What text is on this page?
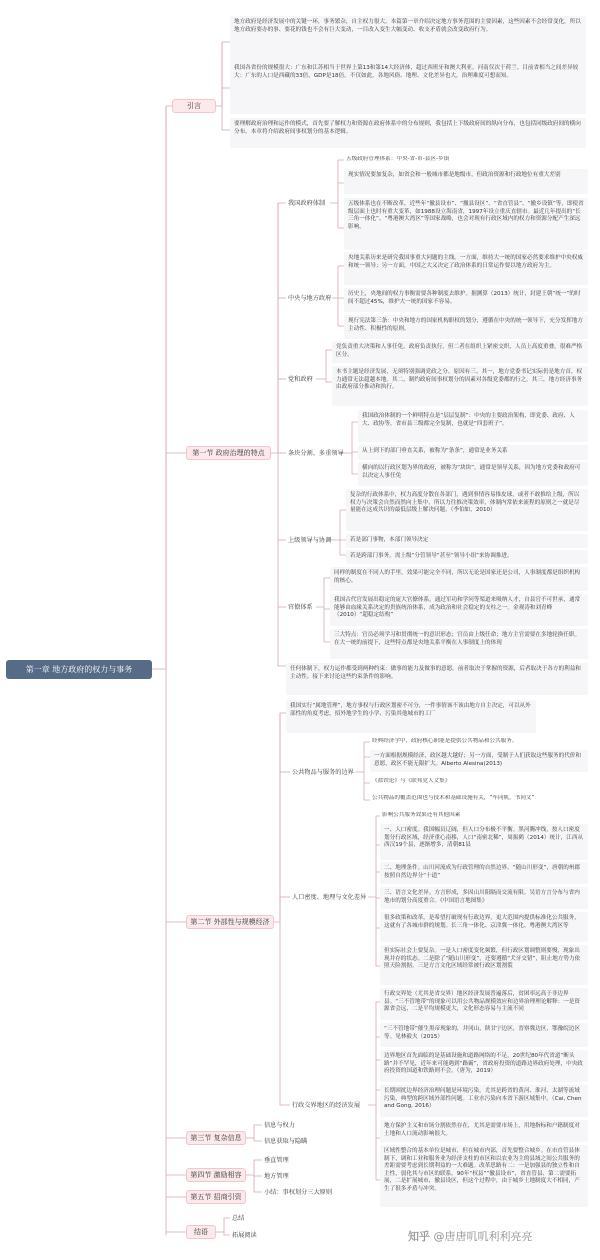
第一章 地方政府的权力与事务
引言
第一节 政府治理的特点
第二节 外部性与规模经济
第三节 复杂信息
第四节 激励相容
第五节 招商引资
结语
地方政府是经济发展中的关键一环，事务繁杂，自主权力很大。本篇第一章介绍决定地方事务范围的主要因素，这些因素不会经常变化，所以地方政府要办的事、要花的钱也不会有巨大变动，一目改入变生大幅变动、收支矛盾就会改变政府行为。
我国各省份的规模很大：广东和江苏相当于世界上第13和第14大经济体，超过西班牙和澳大利亚。河南仅次于荷兰。目前省相当之间差异较大：广东的人口是西藏的33倍，GDP是18倍。不仅如此，各地风俗、地理、文化差异也大，治理难度可想而知。
要理解政府治理和运作的模式，首先要了解权力和资源在政府体系中的分布规则，我包括上下级政府间的纵向分布，也包括同级政府间的横向分布。本章将介绍政府间事权划分的基本逻辑。
我国政府体制
中央与地方政府
党和政府
条块分割、多重领导
上级领导与协调
官僚体系
五级政府管理体系：中央-省-市-县区-乡镇
现实情况要加复杂，如省会和一般城市都是地级市，但政治资源和行政地位有重大差别
五级体系也在不断改革，近些年“撤县设市”、“撤县设区”、“省直管县”、“撤乡设镇”等，即使省级层面上也时有重大变革，如1988设立海南省，1997年设立重庆直辖市。最近几年提出的“长三角一体化”、“粤港澳大湾区”等国家战略，也会对现有行政区域内的权力和资源分配产生深远影响。
央地关系历来是研究我国事重大问题的主线。一方面，维持大一统的国家必然要求维护中央权威和统一领导；另一方面，中国之大又决定了政治体系的日常运作要以地方政府为主。
历史上，央地间的权力事衡需要各种制度去维护。据测算（2013）统计，封建王朝“统一”的时间不超过45%，维护大一统的国家不容易。
现行宪法第三条：中央和地方的国家机构职权的划分，遵循在中央的统一领导下，充分发挥地方主动性、积极性的原则。
党负责重大决策和人事任免，政府负责执行，但二者在组织上紧密交织，人员上高度重叠，很难严格区分。
本书主题是经济发展，无须特别强调党政之分。原因有三。其一，地方党委书记实际仍是地方首，权力通常无法超越本地。其二，制约政府间事权划分的因素对各级党委都的行之。其三，地方经济事务由政府部分推动和执行。
我国政治体制的一个鲜明特点是“层层复制”：中央的主要政治架构，即党委、政府、人大、政协等，省市县三级都完全复制，也就是“四套班子”。
从上到下的部门垂直关系，被称为“条条”，通常是业务关系
横向的以行政区划为界的政府，被称为“块块”，通常是领导关系，因为地方党委和政府可以决定人事任免
复杂的行政体系中，权力高度分散在各部门，遇到事情容易推皮球，或者不敢推给上级，所以权力与决策会自然而然向上集中，所以力往推决策效率，体制内常依来流程的原则之一就是尽量能在这成共识的最低层级上解决问题。（李伯如，2010）
若是部门事物，本部门领导决定
若是跨部门事务，需上级“分管领导”甚至“领导小组”来协调推进。
同样的制度在不同人的手里，效果可能完全不同，所以无论是国家还是公司，人事制度都是组织机构的核心。
我国古代官发展出稳定的庞大官僚体系，通过军功和学问等渠道来吸纳人才，自县官不可世承，通常能够由血缘关系决定的贵族统治体系，成为政治和社会稳定的支柱之一。金观涛和刘青峰（2010）“超稳定结构”
三大特点：官员必须学习和贯彻统一的意识形态；官员由上级任命；地方主官需要在多地轮换任职。在大一统的前提下，这些特点都是央地关系平衡在人事制度上的体现
任何体制下，权力运作都受到两种约束：做事的能力及做事的意愿。前者取决于掌握的资源，后者取决于各方的利益和主动性。接下来讨论这些约束条件的影响。
我国实行“属地管理”，地方事权与行政区划密不可分，一件事情该不该由地方自主决定，可以从外部性的角度考虑，招外地学生的小学、污染其他城市的工厂
公共物品与服务的边界
人口密度、地理与文化差异
行政交界地区的经济发展
经典经济学中，政府核心职能是提供公共物品和公共服务。
一方面根据规模经济，政区越大越好；另一方面，受制于人们获取这些服务的代价和意愿，政区不能无限扩大。Alberto Alesina(2013)
《盐铁论》与《联邦党人文集》
公共物品的覆盖范围也与技术和基础设施有关，“车同轨，书同文”
影响公共服务效果还有其他因素
一、人口密度。我国幅员辽阔，但人口分布极不平衡。黑河腾冲线，按人口密度划分行政区域，经济重心南移，人口“南密北稀”，周振鹤（2014）统计，江西从西汉19个县，逐渐增多，清朝81县
二、地理条件。山川河流成为行政管理的自然边界。“随山川形变”，唐朝的州郡按照自然边界分“十道”
三、语言文化差异。方言形成，多因山川阻隔而交流有限。吴语方言分布与省内地市的划分高度重合。《中国语言地图集》
很多政策和改革，是希望打破现有行政边界，更大范围内提供标准化公共服务，这就有了各城市群的规划。长三角一体化、京津冀一体化、粤港澳大湾区等
但实际社会上要复杂。一是人口密度变化频繁，但行政区划调整则要慢，现象出现并存的状态。二是除了“随山川形变”，还要遵循“犬牙交错”，阻止地方势力依照天险割据。三是方言文化区域经常被行政区划割裂
行政交界处（尤其是省交界）地区经济发展普遍落后，贫困率远高于非边界县。“三不管地带”的现象可以用公共物品规模效应和边界治理理论解释：一是资源省会远，二是平均规模更大，文化形态容易与主流不同
“三不管地带”催生黑帝现象的，井冈山，陕甘宁边区，晋察冀边区，鄂豫皖边区等。见林毅夫（2015）
边界地区首先面临的是基础设施和道路网络的不足。20世纪80年代省道“断头路”并不罕见，近年来可能遇到“路霸”，省政府投资的道路边界政府处理，中央政府投资的国道和铁路则不会。（唐为，2019）
长期困扰边界经济治理问题是环境污染，尤其是跨省的黄河、淮河、太湖等流域污染，典型的跨区域外部性问题。工业水污染向本省下游区域集中。（Cai, Chen and Gong, 2016）
地方保护主义和市场分割依然存在，尤其是需要市场上，用地指标和户籍制度对土地和人口流动影响很大。
区域性整合的基本单位是城市，但在城市内部，首先要整合城乡。在市直管县体制下，调和工业和服务业为经济支柱的市区和以农业为主的县域之间公共服务的差距需要考虑到长期利益的一大难题。改革思路有二：一是加强县的独立性和自主性，弱化其与市区的联系。90年“权县”“撤县设市”，省直管县、第二需要拓展，二是扩展城市，撤县设区，但这个过程中，由于城乡土地制度大不相同，产生了很多矛盾与冲突。
信息与权力
信息获取与隐瞒
垂直管理
地方管理
小结：事权划分三大原则
总结
拓展阅读	知乎 @唐唐叽叽利利亮亮
